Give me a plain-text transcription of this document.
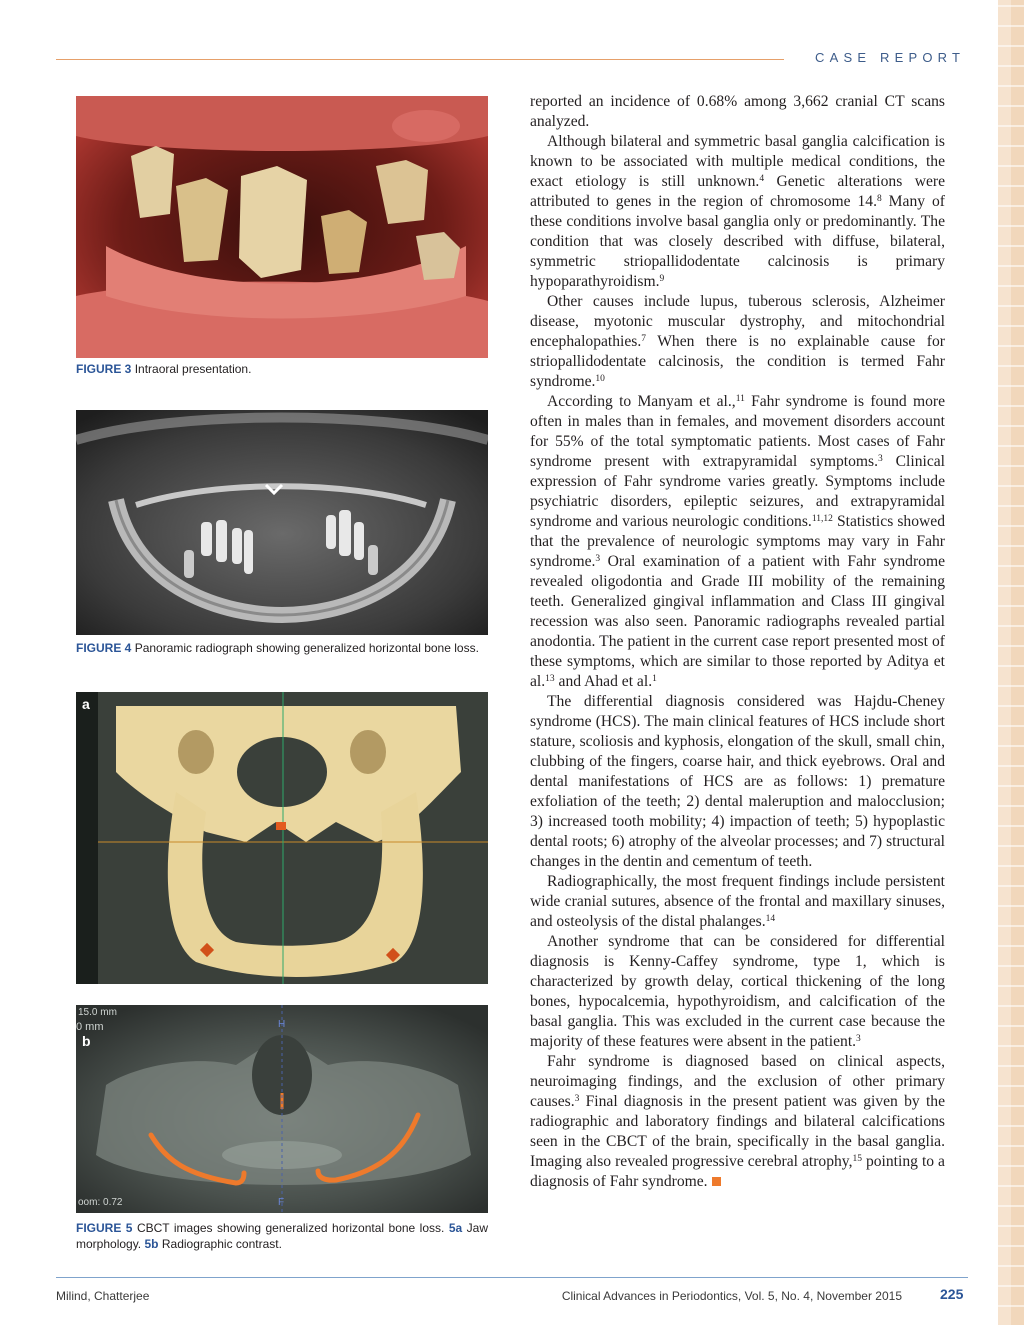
CASE REPORT
FIGURE 3 Intraoral presentation.
FIGURE 4 Panoramic radiograph showing generalized horizontal bone loss.
a
15.0 mm
0 mm
b
oom: 0.72
H
F
FIGURE 5 CBCT images showing generalized horizontal bone loss. 5a Jaw morphology. 5b Radiographic contrast.

reported an incidence of 0.68% among 3,662 cranial CT scans analyzed.

Although bilateral and symmetric basal ganglia calcification is known to be associated with multiple medical conditions, the exact etiology is still unknown.$^4$ Genetic alterations were attributed to genes in the region of chromosome 14.$^8$ Many of these conditions involve basal ganglia only or predominantly. The condition that was closely described with diffuse, bilateral, symmetric striopallidodentate calcinosis is primary hypoparathyroidism.$^9$

Other causes include lupus, tuberous sclerosis, Alzheimer disease, myotonic muscular dystrophy, and mitochondrial encephalopathies.$^7$ When there is no explainable cause for striopallidodentate calcinosis, the condition is termed Fahr syndrome.$^{10}$

According to Manyam et al.,$^{11}$ Fahr syndrome is found more often in males than in females, and movement disorders account for 55% of the total symptomatic patients. Most cases of Fahr syndrome present with extrapyramidal symptoms.$^3$ Clinical expression of Fahr syndrome varies greatly. Symptoms include psychiatric disorders, epileptic seizures, and extrapyramidal syndrome and various neurologic conditions.$^{11,12}$ Statistics showed that the prevalence of neurologic symptoms may vary in Fahr syndrome.$^3$ Oral examination of a patient with Fahr syndrome revealed oligodontia and Grade III mobility of the remaining teeth. Generalized gingival inflammation and Class III gingival recession was also seen. Panoramic radiographs revealed partial anodontia. The patient in the current case report presented most of these symptoms, which are similar to those reported by Aditya et al.$^{13}$ and Ahad et al.$^1$

The differential diagnosis considered was Hajdu-Cheney syndrome (HCS). The main clinical features of HCS include short stature, scoliosis and kyphosis, elongation of the skull, small chin, clubbing of the fingers, coarse hair, and thick eyebrows. Oral and dental manifestations of HCS are as follows: 1) premature exfoliation of the teeth; 2) dental maleruption and malocclusion; 3) increased tooth mobility; 4) impaction of teeth; 5) hypoplastic dental roots; 6) atrophy of the alveolar processes; and 7) structural changes in the dentin and cementum of teeth.

Radiographically, the most frequent findings include persistent wide cranial sutures, absence of the frontal and maxillary sinuses, and osteolysis of the distal phalanges.$^{14}$

Another syndrome that can be considered for differential diagnosis is Kenny-Caffey syndrome, type 1, which is characterized by growth delay, cortical thickening of the long bones, hypocalcemia, hypothyroidism, and calcification of the basal ganglia. This was excluded in the current case because the majority of these features were absent in the patient.$^3$

Fahr syndrome is diagnosed based on clinical aspects, neuroimaging findings, and the exclusion of other primary causes.$^3$ Final diagnosis in the present patient was given by the radiographic and laboratory findings and bilateral calcifications seen in the CBCT of the brain, specifically in the basal ganglia. Imaging also revealed progressive cerebral atrophy,$^{15}$ pointing to a diagnosis of Fahr syndrome.

Milind, Chatterjee	Clinical Advances in Periodontics, Vol. 5, No. 4, November 2015	225
